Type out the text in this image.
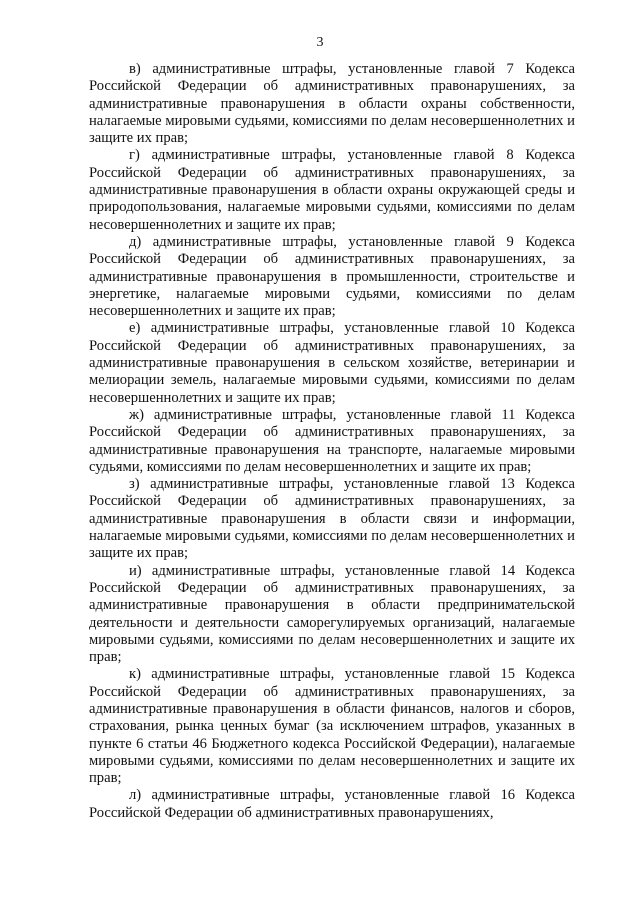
3

в) административные штрафы, установленные главой 7 Кодекса Российской Федерации об административных правонарушениях, за административные правонарушения в области охраны собственности, налагаемые мировыми судьями, комиссиями по делам несовершеннолетних и защите их прав;

г) административные штрафы, установленные главой 8 Кодекса Российской Федерации об административных правонарушениях, за административные правонарушения в области охраны окружающей среды и природопользования, налагаемые мировыми судьями, комиссиями по делам несовершеннолетних и защите их прав;

д) административные штрафы, установленные главой 9 Кодекса Российской Федерации об административных правонарушениях, за административные правонарушения в промышленности, строительстве и энергетике, налагаемые мировыми судьями, комиссиями по делам несовершеннолетних и защите их прав;

е) административные штрафы, установленные главой 10 Кодекса Российской Федерации об административных правонарушениях, за административные правонарушения в сельском хозяйстве, ветеринарии и мелиорации земель, налагаемые мировыми судьями, комиссиями по делам несовершеннолетних и защите их прав;

ж) административные штрафы, установленные главой 11 Кодекса Российской Федерации об административных правонарушениях, за административные правонарушения на транспорте, налагаемые мировыми судьями, комиссиями по делам несовершеннолетних и защите их прав;

з) административные штрафы, установленные главой 13 Кодекса Российской Федерации об административных правонарушениях, за административные правонарушения в области связи и информации, налагаемые мировыми судьями, комиссиями по делам несовершеннолетних и защите их прав;

и) административные штрафы, установленные главой 14 Кодекса Российской Федерации об административных правонарушениях, за административные правонарушения в области предпринимательской деятельности и деятельности саморегулируемых организаций, налагаемые мировыми судьями, комиссиями по делам несовершеннолетних и защите их прав;

к) административные штрафы, установленные главой 15 Кодекса Российской Федерации об административных правонарушениях, за административные правонарушения в области финансов, налогов и сборов, страхования, рынка ценных бумаг (за исключением штрафов, указанных в пункте 6 статьи 46 Бюджетного кодекса Российской Федерации), налагаемые мировыми судьями, комиссиями по делам несовершеннолетних и защите их прав;

л) административные штрафы, установленные главой 16 Кодекса Российской Федерации об административных правонарушениях,
